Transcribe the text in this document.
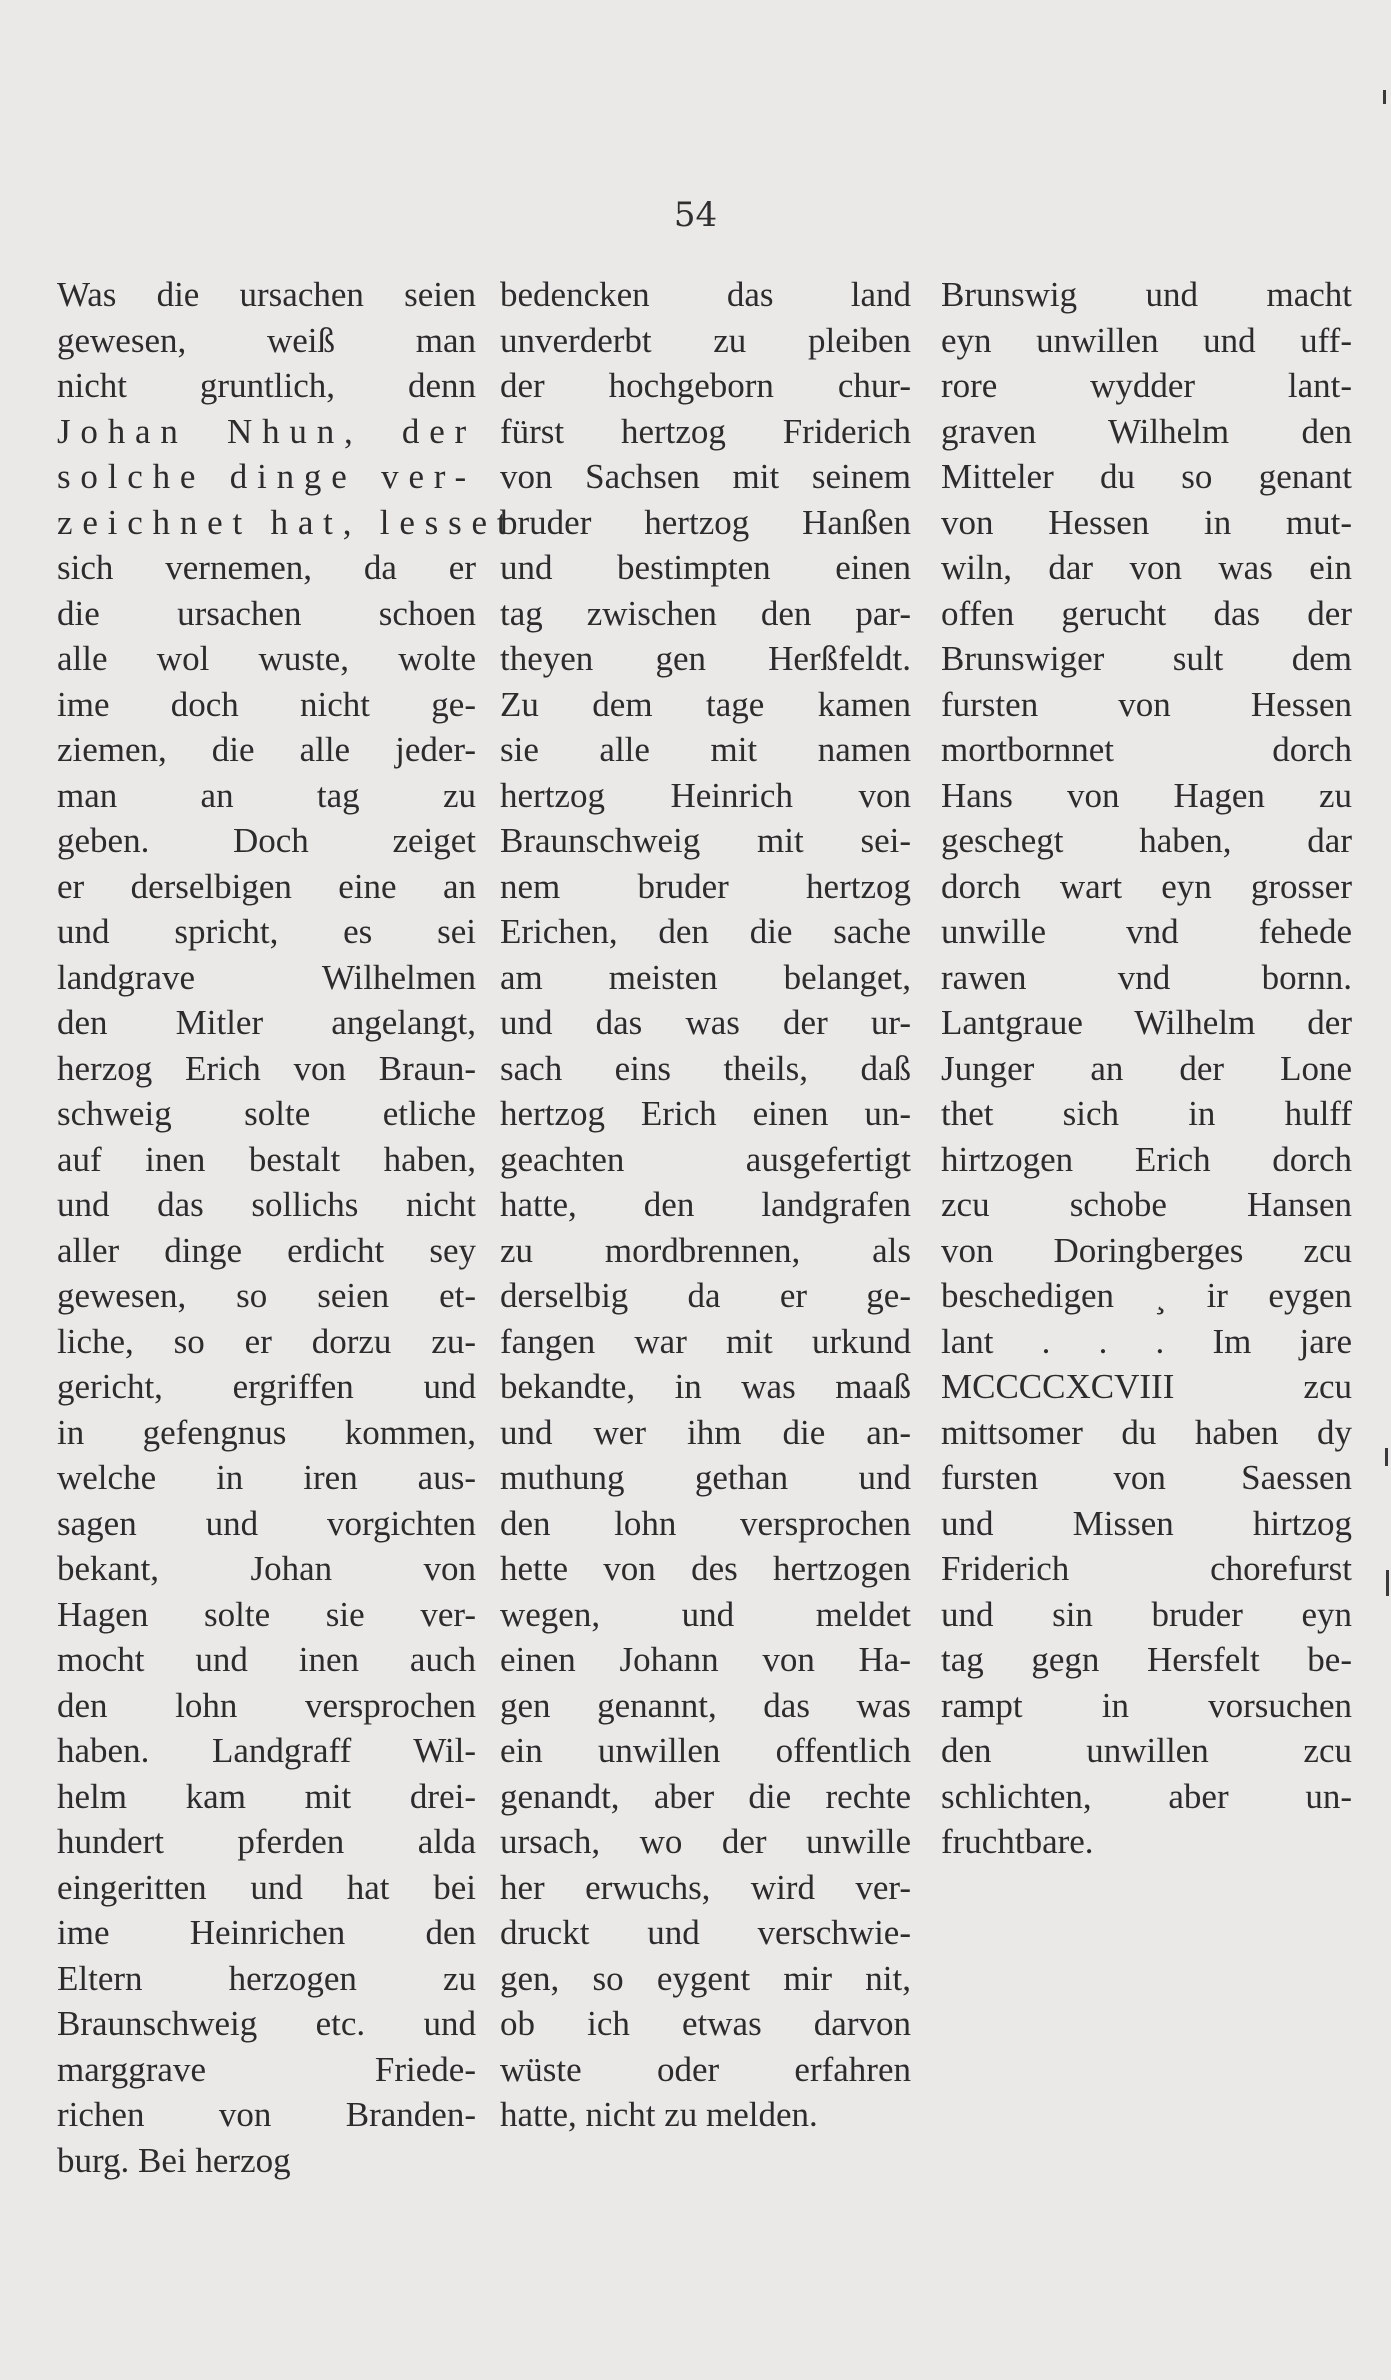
54
Was die ursachen seien
gewesen, weiß man
nicht gruntlich, denn
Johan Nhun, der
solche dinge ver-
zeichnet hat, lesset
sich vernemen, da er
die ursachen schoen
alle wol wuste, wolte
ime doch nicht ge-
ziemen, die alle jeder-
man an tag zu
geben. Doch zeiget
er derselbigen eine an
und spricht, es sei
landgrave Wilhelmen
den Mitler angelangt,
herzog Erich von Braun-
schweig solte etliche
auf inen bestalt haben,
und das sollichs nicht
aller dinge erdicht sey
gewesen, so seien et-
liche, so er dorzu zu-
gericht, ergriffen und
in gefengnus kommen,
welche in iren aus-
sagen und vorgichten
bekant, Johan von
Hagen solte sie ver-
mocht und inen auch
den lohn versprochen
haben. Landgraff Wil-
helm kam mit drei-
hundert pferden alda
eingeritten und hat bei
ime Heinrichen den
Eltern herzogen zu
Braunschweig etc. und
marggrave Friede-
richen von Branden-
burg. Bei herzog
bedencken das land
unverderbt zu pleiben
der hochgeborn chur-
fürst hertzog Friderich
von Sachsen mit seinem
bruder hertzog Hanßen
und bestimpten einen
tag zwischen den par-
theyen gen Herßfeldt.
Zu dem tage kamen
sie alle mit namen
hertzog Heinrich von
Braunschweig mit sei-
nem bruder hertzog
Erichen, den die sache
am meisten belanget,
und das was der ur-
sach eins theils, daß
hertzog Erich einen un-
geachten ausgefertigt
hatte, den landgrafen
zu mordbrennen, als
derselbig da er ge-
fangen war mit urkund
bekandte, in was maaß
und wer ihm die an-
muthung gethan und
den lohn versprochen
hette von des hertzogen
wegen, und meldet
einen Johann von Ha-
gen genannt, das was
ein unwillen offentlich
genandt, aber die rechte
ursach, wo der unwille
her erwuchs, wird ver-
druckt und verschwie-
gen, so eygent mir nit,
ob ich etwas darvon
wüste oder erfahren
hatte, nicht zu melden.
Brunswig und macht
eyn unwillen und uff-
rore wydder lant-
graven Wilhelm den
Mitteler du so genant
von Hessen in mut-
wiln, dar von was ein
offen gerucht das der
Brunswiger sult dem
fursten von Hessen
mortbornnet dorch
Hans von Hagen zu
geschegt haben, dar
dorch wart eyn grosser
unwille vnd fehede
rawen vnd bornn.
Lantgraue Wilhelm der
Junger an der Lone
thet sich in hulff
hirtzogen Erich dorch
zcu schobe Hansen
von Doringberges zcu
beschedigen ¸ ir eygen
lant . . . Im jare
MCCCCXCVIII zcu
mittsomer du haben dy
fursten von Saessen
und Missen hirtzog
Friderich chorefurst
und sin bruder eyn
tag gegn Hersfelt be-
rampt in vorsuchen
den unwillen zcu
schlichten, aber un-
fruchtbare.
